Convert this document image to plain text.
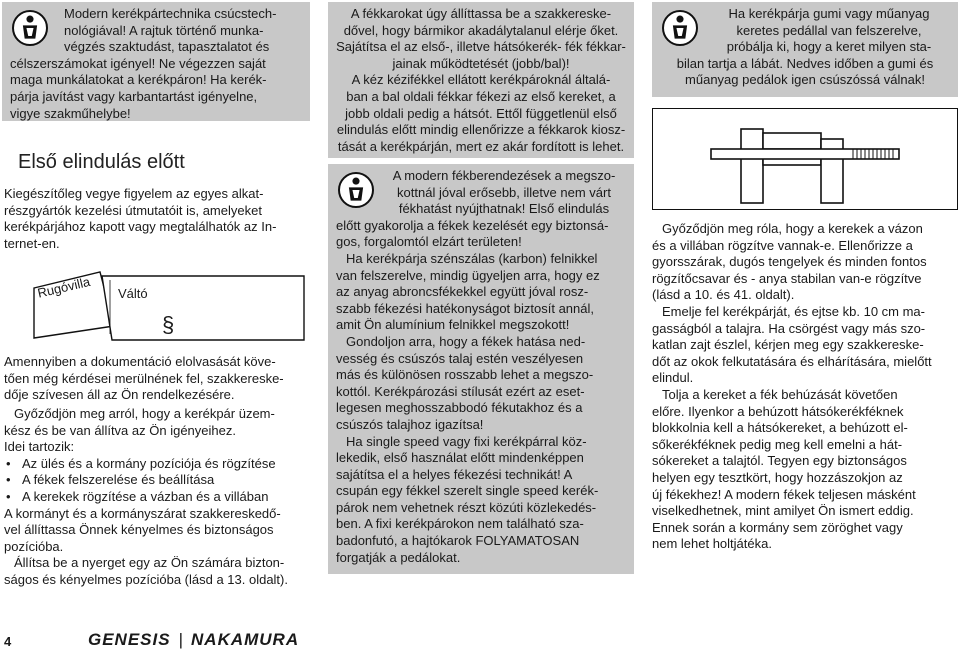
Modern kerékpártechnika csúcstech-

nológiával! A rajtuk történő munka-

végzés szaktudást, tapasztalatot és

célszerszámokat igényel! Ne végezzen saját

maga munkálatokat a kerékpáron! Ha kerék-

párja javítást vagy karbantartást igényelne,

vigye szakműhelybe!

Első elindulás előtt

Kiegészítőleg vegye figyelem az egyes alkat-

részgyártók kezelési útmutatóit is, amelyeket

kerékpárjához kapott vagy megtalálhatók az In-

ternet-en.

Rugóvilla Váltó
§

Amennyiben a dokumentáció elolvasását köve-

tően még kérdései merülnének fel, szakkereske-

dője szívesen áll az Ön rendelkezésére.

Győződjön meg arról, hogy a kerékpár üzem-

kész és be van állítva az Ön igényeihez.

Idei tartozik:

• Az ülés és a kormány pozíciója és rögzítése
• A fékek felszerelése és beállítása
• A kerekek rögzítése a vázban és a villában

A kormányt és a kormányszárat szakkereskedő-

vel állíttassa Önnek kényelmes és biztonságos

pozícióba.

Állítsa be a nyerget egy az Ön számára bizton-

ságos és kényelmes pozícióba (lásd a 13. oldalt).

A fékkarokat úgy állíttassa be a szakkereske-

dővel, hogy bármikor akadálytalanul elérje őket.

Sajátítsa el az első-, illetve hátsókerék- fék fékkar-

jainak működtetését (jobb/bal)!

A kéz kézifékkel ellátott kerékpároknál általá-

ban a bal oldali fékkar fékezi az első kereket, a

jobb oldali pedig a hátsót. Ettől függetlenül első

elindulás előtt mindig ellenőrizze a fékkarok kiosz-

tását a kerékpárján, mert ez akár fordított is lehet.

A modern fékberendezések a megszo-

kottnál jóval erősebb, illetve nem várt

fékhatást nyújthatnak! Első elindulás

előtt gyakorolja a fékek kezelését egy biztonsá-

gos, forgalomtól elzárt területen!

Ha kerékpárja szénszálas (karbon) felnikkel

van felszerelve, mindig ügyeljen arra, hogy ez

az anyag abroncsfékekkel együtt jóval rosz-

szabb fékezési hatékonyságot biztosít annál,

amit Ön alumínium felnikkel megszokott!

Gondoljon arra, hogy a fékek hatása ned-

vesség és csúszós talaj estén veszélyesen

más és különösen rosszabb lehet a megszo-

kottól. Kerékpározási stílusát ezért az eset-

legesen meghosszabbodó fékutakhoz és a

csúszós talajhoz igazítsa!

Ha single speed vagy fixi kerékpárral köz-

lekedik, első használat előtt mindenképpen

sajátítsa el a helyes fékezési technikát! A

csupán egy fékkel szerelt single speed kerék-

párok nem vehetnek részt közúti közlekedés-

ben. A fixi kerékpárokon nem található sza-

badonfutó, a hajtókarok FOLYAMATOSAN

forgatják a pedálokat.

Ha kerékpárja gumi vagy műanyag

keretes pedállal van felszerelve,

próbálja ki, hogy a keret milyen sta-

bilan tartja a lábát. Nedves időben a gumi és

műanyag pedálok igen csúszóssá válnak!

Győződjön meg róla, hogy a kerekek a vázon

és a villában rögzítve vannak-e. Ellenőrizze a

gyorsszárak, dugós tengelyek és minden fontos

rögzítőcsavar és - anya stabilan van-e rögzítve

(lásd a 10. és 41. oldalt).

Emelje fel kerékpárját, és ejtse kb. 10 cm ma-

gasságból a talajra. Ha csörgést vagy más szo-

katlan zajt észlel, kérjen meg egy szakkereske-

dőt az okok felkutatására és elhárítására, mielőtt

elindul.

Tolja a kereket a fék behúzását követően

előre. Ilyenkor a behúzott hátsókerékféknek

blokkolnia kell a hátsókereket, a behúzott el-

sőkerékféknek pedig meg kell emelni a hát-

sókereket a talajtól. Tegyen egy biztonságos

helyen egy tesztkört, hogy hozzászokjon az

új fékekhez! A modern fékek teljesen másként

viselkedhetnek, mint amilyet Ön ismert eddig.

Ennek során a kormány sem zöröghet vagy

nem lehet holtjátéka.

4	GENESIS | NAKAMURA
